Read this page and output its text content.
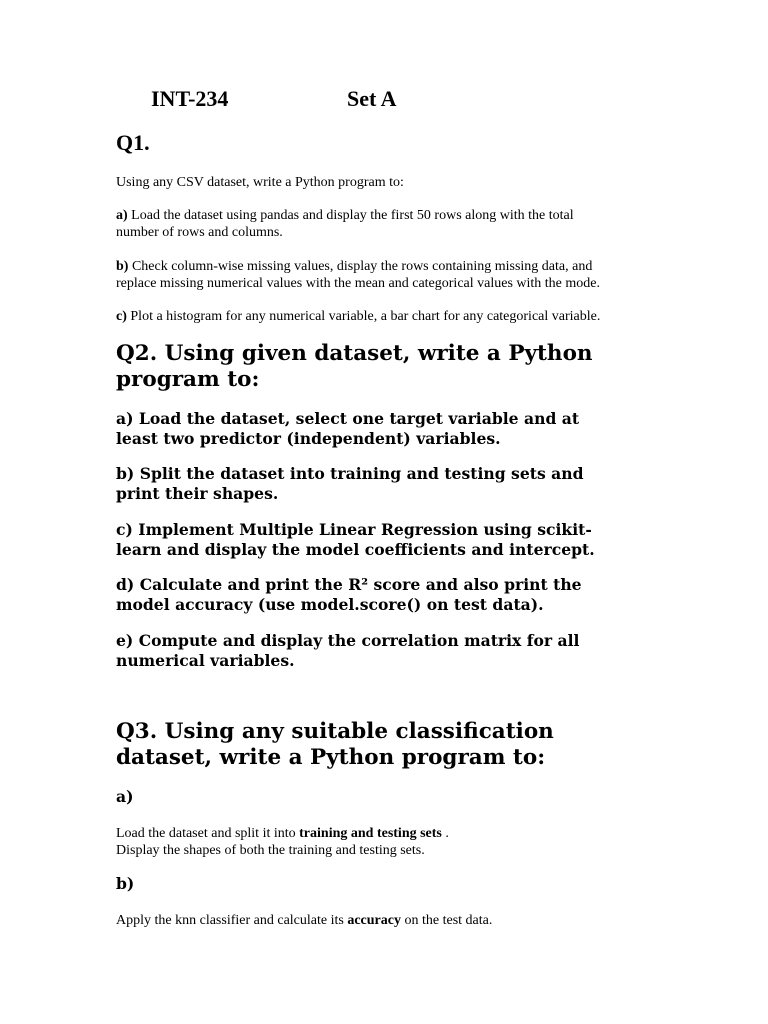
INT-234	Set A
Q1.
Using any CSV dataset, write a Python program to:
a) Load the dataset using pandas and display the first 50 rows along with the total
number of rows and columns.
b) Check column-wise missing values, display the rows containing missing data, and
replace missing numerical values with the mean and categorical values with the mode.
c) Plot a histogram for any numerical variable, a bar chart for any categorical variable.
Q2. Using given dataset, write a Python
program to:
a) Load the dataset, select one target variable and at
least two predictor (independent) variables.
b) Split the dataset into training and testing sets and
print their shapes.
c) Implement Multiple Linear Regression using scikit-
learn and display the model coefficients and intercept.
d) Calculate and print the R² score and also print the
model accuracy (use model.score() on test data).
e) Compute and display the correlation matrix for all
numerical variables.
Q3. Using any suitable classification
dataset, write a Python program to:
a)
Load the dataset and split it into training and testing sets .
Display the shapes of both the training and testing sets.
b)
Apply the knn classifier and calculate its accuracy on the test data.
